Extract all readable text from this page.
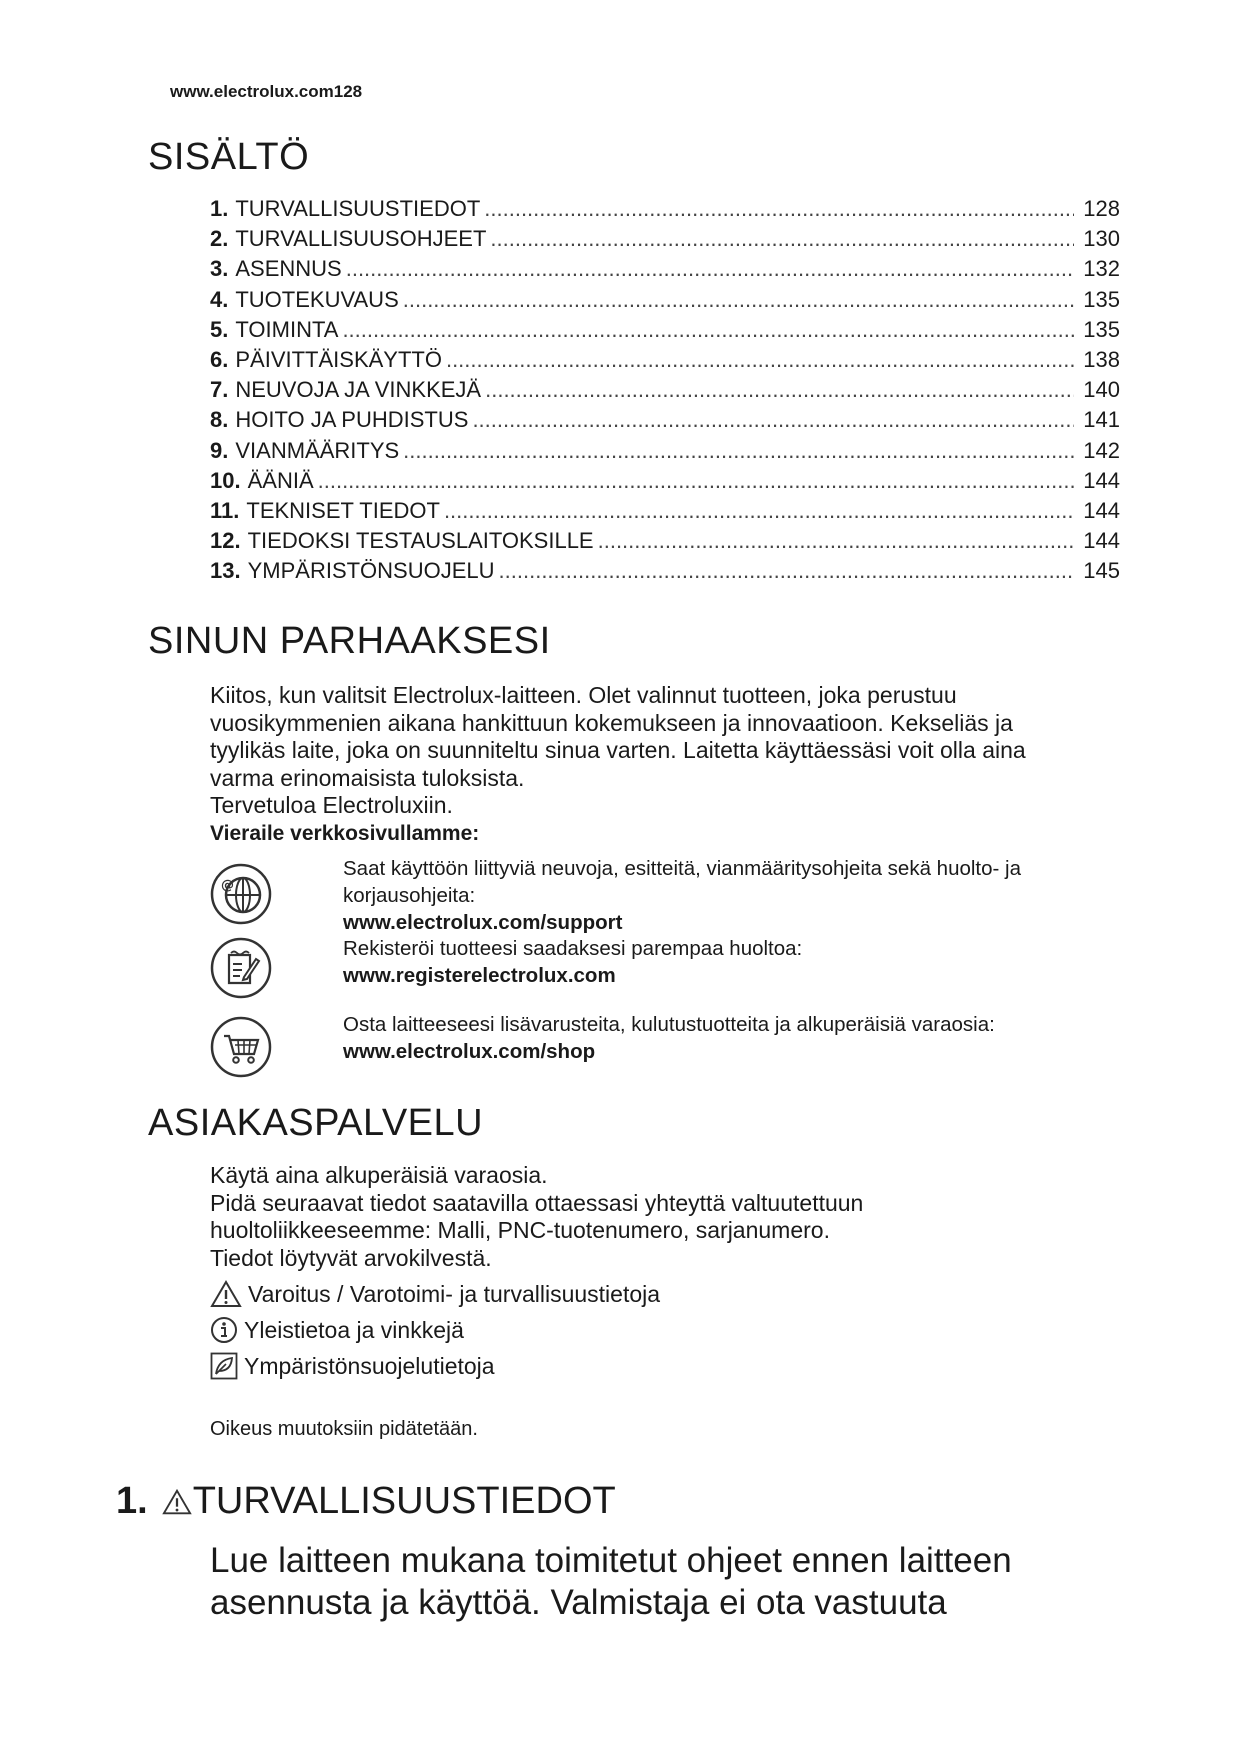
www.electrolux.com128
SISÄLTÖ
1. TURVALLISUUSTIEDOT .....	128
2. TURVALLISUUSOHJEET .....	130
3. ASENNUS .....	132
4. TUOTEKUVAUS .....	135
5. TOIMINTA .....	135
6. PÄIVITTÄISKÄYTTÖ .....	138
7. NEUVOJA JA VINKKEJÄ .....	140
8. HOITO JA PUHDISTUS .....	141
9. VIANMÄÄRITYS .....	142
10. ÄÄNIÄ .....	144
11. TEKNISET TIEDOT .....	144
12. TIEDOKSI TESTAUSLAITOKSILLE .....	144
13. YMPÄRISTÖNSUOJELU .....	145
SINUN PARHAAKSESI
Kiitos, kun valitsit Electrolux-laitteen. Olet valinnut tuotteen, joka perustuu
vuosikymmenien aikana hankittuun kokemukseen ja innovaatioon. Kekseliäs ja
tyylikäs laite, joka on suunniteltu sinua varten. Laitetta käyttäessäsi voit olla aina
varma erinomaisista tuloksista.
Tervetuloa Electroluxiin.
Vieraile verkkosivullamme:
@
Saat käyttöön liittyviä neuvoja, esitteitä, vianmääritysohjeita sekä huolto- ja
korjausohjeita:
www.electrolux.com/support
Rekisteröi tuotteesi saadaksesi parempaa huoltoa:
www.registerelectrolux.com
Osta laitteeseesi lisävarusteita, kulutustuotteita ja alkuperäisiä varaosia:
www.electrolux.com/shop
ASIAKASPALVELU
Käytä aina alkuperäisiä varaosia.
Pidä seuraavat tiedot saatavilla ottaessasi yhteyttä valtuutettuun
huoltoliikkeeseemme: Malli, PNC-tuotenumero, sarjanumero.
Tiedot löytyvät arvokilvestä.
Varoitus / Varotoimi- ja turvallisuustietoja
Yleistietoa ja vinkkejä
Ympäristönsuojelutietoja
Oikeus muutoksiin pidätetään.
1. TURVALLISUUSTIEDOT
Lue laitteen mukana toimitetut ohjeet ennen laitteen
asennusta ja käyttöä. Valmistaja ei ota vastuuta
